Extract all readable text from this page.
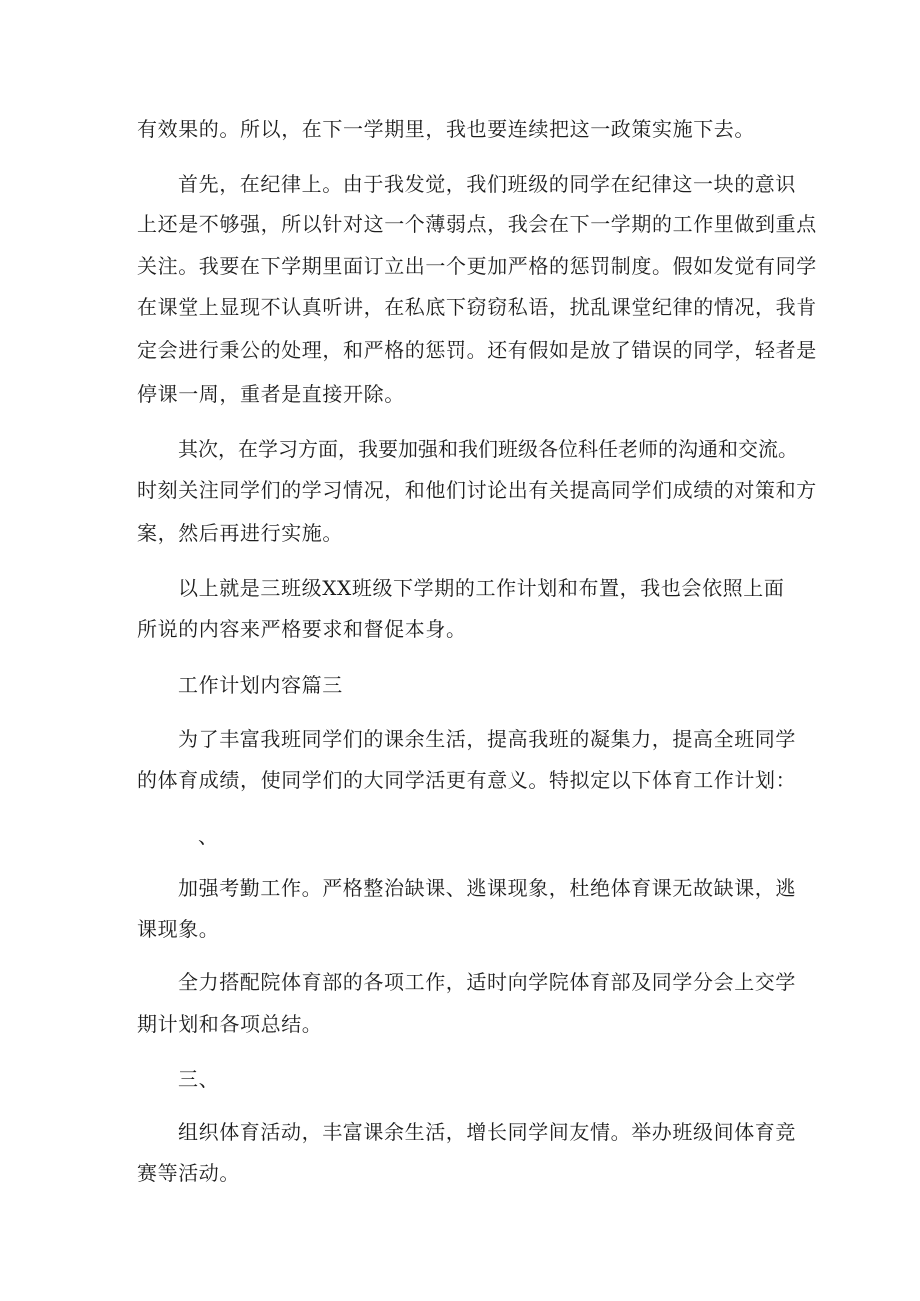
有效果的。所以，在下一学期里，我也要连续把这一政策实施下去。

首先，在纪律上。由于我发觉，我们班级的同学在纪律这一块的意识

上还是不够强，所以针对这一个薄弱点，我会在下一学期的工作里做到重点

关注。我要在下学期里面订立出一个更加严格的惩罚制度。假如发觉有同学

在课堂上显现不认真听讲，在私底下窃窃私语，扰乱课堂纪律的情况，我肯

定会进行秉公的处理，和严格的惩罚。还有假如是放了错误的同学，轻者是

停课一周，重者是直接开除。

其次，在学习方面，我要加强和我们班级各位科任老师的沟通和交流。

时刻关注同学们的学习情况，和他们讨论出有关提高同学们成绩的对策和方

案，然后再进行实施。

以上就是三班级XX班级下学期的工作计划和布置，我也会依照上面

所说的内容来严格要求和督促本身。

工作计划内容篇三

为了丰富我班同学们的课余生活，提高我班的凝集力，提高全班同学

的体育成绩，使同学们的大同学活更有意义。特拟定以下体育工作计划：

、

加强考勤工作。严格整治缺课、逃课现象，杜绝体育课无故缺课，逃

课现象。

全力搭配院体育部的各项工作，适时向学院体育部及同学分会上交学

期计划和各项总结。

三、

组织体育活动，丰富课余生活，增长同学间友情。举办班级间体育竞

赛等活动。
